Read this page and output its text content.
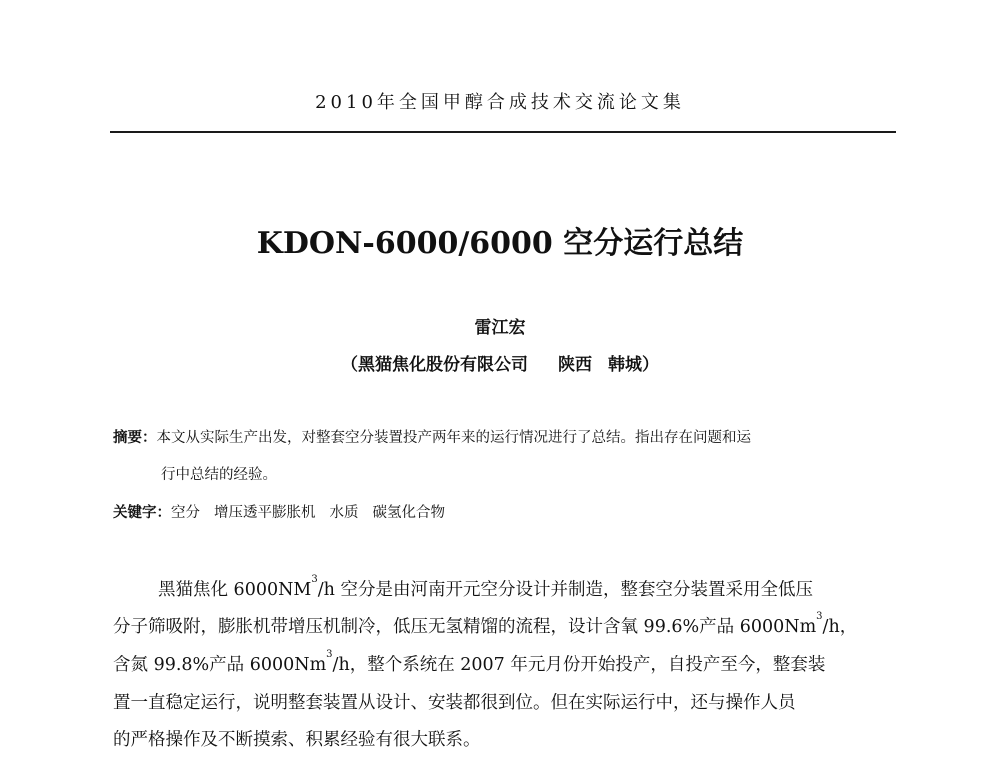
2010年全国甲醇合成技术交流论文集
KDON-6000/6000 空分运行总结
雷江宏
（黑猫焦化股份有限公司 陕西 韩城）
摘要：本文从实际生产出发，对整套空分装置投产两年来的运行情况进行了总结。指出存在问题和运
行中总结的经验。
关键字：空分 增压透平膨胀机 水质 碳氢化合物
黑猫焦化 $6000NM^3/h$ 空分是由河南开元空分设计并制造，整套空分装置采用全低压
分子筛吸附，膨胀机带增压机制冷，低压无氢精馏的流程，设计含氧 99.6%产品 6000Nm$^3$/h，
含氮 99.8%产品 6000Nm$^3$/h，整个系统在 2007 年元月份开始投产，自投产至今，整套装
置一直稳定运行，说明整套装置从设计、安装都很到位。但在实际运行中，还与操作人员
的严格操作及不断摸索、积累经验有很大联系。
